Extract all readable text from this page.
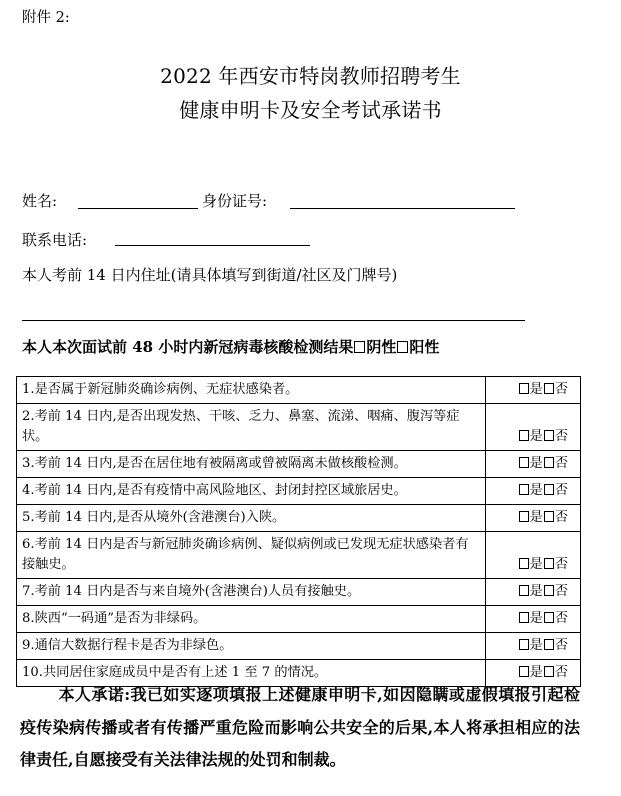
附件 2:
2022 年西安市特岗教师招聘考生
健康申明卡及安全考试承诺书
姓名:	身份证号:
联系电话:
本人考前 14 日内住址(请具体填写到街道/社区及门牌号)
本人本次面试前 48 小时内新冠病毒核酸检测结果 阴性 阳性
1.是否属于新冠肺炎确诊病例、无症状感染者。	是 否
2.考前 14 日内,是否出现发热、干咳、乏力、鼻塞、流涕、咽痛、腹泻等症状。	是 否
3.考前 14 日内,是否在居住地有被隔离或曾被隔离未做核酸检测。	是 否
4.考前 14 日内,是否有疫情中高风险地区、封闭封控区域旅居史。	是 否
5.考前 14 日内,是否从境外(含港澳台)入陕。	是 否
6.考前 14 日内是否与新冠肺炎确诊病例、疑似病例或已发现无症状感染者有接触史。	是 否
7.考前 14 日内是否与来自境外(含港澳台)人员有接触史。	是 否
8.陕西“一码通”是否为非绿码。	是 否
9.通信大数据行程卡是否为非绿色。	是 否
10.共同居住家庭成员中是否有上述 1 至 7 的情况。	是 否
本人承诺:我已如实逐项填报上述健康申明卡,如因隐瞒或虚假填报引起检疫传染病传播或者有传播严重危险而影响公共安全的后果,本人将承担相应的法律责任,自愿接受有关法律法规的处罚和制裁。
